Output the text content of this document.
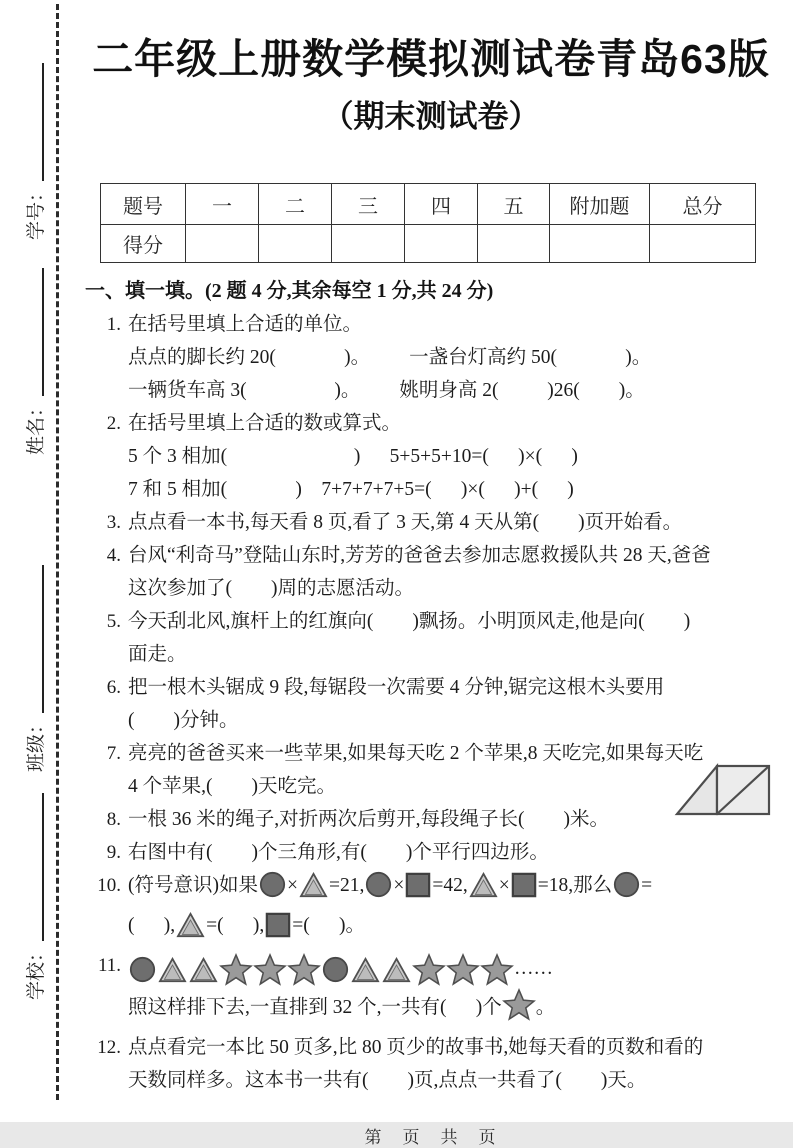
学号：
姓名：
班级：
学校：
二年级上册数学模拟测试卷青岛63版
（期末测试卷）
题号	一	二	三	四	五	附加题	总分
得分							
一、填一填。(2 题 4 分,其余每空 1 分,共 24 分)
1. 在括号里填上合适的单位。
点点的脚长约 20(              )。        一盏台灯高约 50(              )。
一辆货车高 3(                  )。        姚明身高 2(          )26(        )。
2. 在括号里填上合适的数或算式。
5 个 3 相加(                          )      5+5+5+10=(      )×(      )
7 和 5 相加(              )    7+7+7+7+5=(      )×(      )+(      )
3. 点点看一本书,每天看 8 页,看了 3 天,第 4 天从第(        )页开始看。
4. 台风“利奇马”登陆山东时,芳芳的爸爸去参加志愿救援队共 28 天,爸爸
这次参加了(        )周的志愿活动。
5. 今天刮北风,旗杆上的红旗向(        )飘扬。小明顶风走,他是向(        )
面走。
6. 把一根木头锯成 9 段,每锯段一次需要 4 分钟,锯完这根木头要用
(        )分钟。
7. 亮亮的爸爸买来一些苹果,如果每天吃 2 个苹果,8 天吃完,如果每天吃
4 个苹果,(        )天吃完。
8. 一根 36 米的绳子,对折两次后剪开,每段绳子长(        )米。
9. 右图中有(        )个三角形,有(        )个平行四边形。
10. (符号意识)如果 × =21, × =42, × =18,那么 =
(      ), =(      ), =(      )。
11.	……
照这样排下去,一直排到 32 个,一共有(      )个 。
12. 点点看完一本比 50 页多,比 80 页少的故事书,她每天看的页数和看的
天数同样多。这本书一共有(        )页,点点一共看了(        )天。
第　页　共　页
